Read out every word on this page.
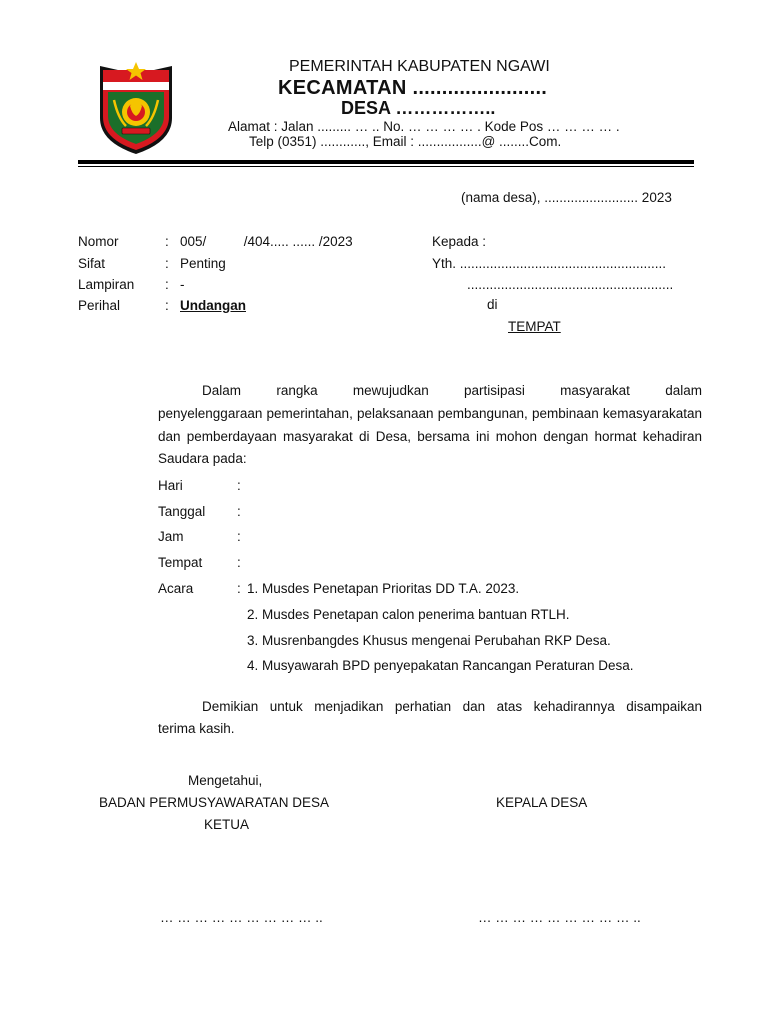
PEMERINTAH KABUPATEN NGAWI
KECAMATAN .......................
DESA ……………..
Alamat : Jalan ......... … .. No. … … … … . Kode Pos … … … … .
Telp (0351) ............, Email : .................@ ........Com.
(nama desa), ......................... 2023
Nomor	: 005/          /404..... ...... /2023
Sifat	: Penting
Lampiran : -
Perihal	: Undangan
Kepada :
Yth. .......................................................
.......................................................
di
TEMPAT
Dalam rangka mewujudkan partisipasi masyarakat dalam
penyelenggaraan pemerintahan, pelaksanaan pembangunan, pembinaan kemasyarakatan dan pemberdayaan masyarakat di Desa, bersama ini mohon dengan hormat kehadiran Saudara pada:
Hari	:
Tanggal :
Jam	:
Tempat	:
Acara	: 1. Musdes Penetapan Prioritas DD T.A. 2023.
2. Musdes Penetapan calon penerima bantuan RTLH.
3. Musrenbangdes Khusus mengenai Perubahan RKP Desa.
4. Musyawarah BPD penyepakatan Rancangan Peraturan Desa.
Demikian untuk menjadikan perhatian dan atas kehadirannya disampaikan
terima kasih.
Mengetahui,
BADAN PERMUSYAWARATAN DESA
KETUA
KEPALA DESA
… … … … … … … … … ..	… … … … … … … … … ..
